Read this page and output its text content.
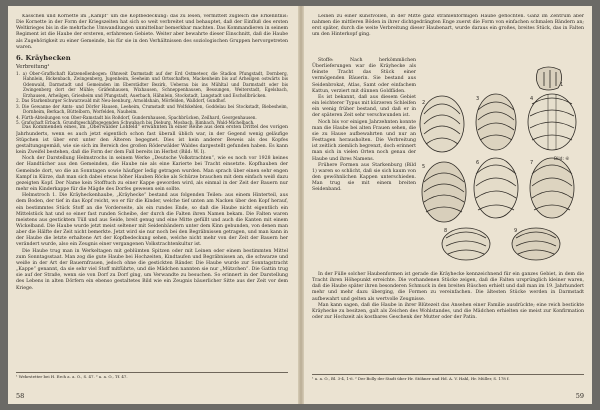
Kasschen und Kornette im „Kampf“ um die Kopfbedeckung: das zu lesen, vermittelt zugleich die Erkenntnis: Die Kornette in der Form der Kriegszeiten hat sich so weit verbreitet und behauptet, daß der Einfluß des ersten Weltkrieges bis in die mehrfache Umwandlungen unmittelbar bemerkbar machten. Das Kommandieren in seinem Regiment ist die Haube der ersteren, erfahrenen Gebiete. Weiter aber bewahrte dieser Einschnitt, daß die Haube als Zugehörigkeit zu einer Gemeinde, bis für sie in den Verhältnissen des soziologischen Gruppen hervorgetreten waren.

6. Kräyhecken
Verbreitung¹

1. a) Ober-Graffschaft Katzenellenbogen: Ohnweit Darmstadt auf der Erd Ostmeteor, die Stadion Pfungstadt, Dornberg, Hahnlein, Bickenbach, Zwingenberg, Jugenheim, Seeheim und Ortsschaften, Mackenheim bis auf Arheilgen ostwärts bis Odenwald, Darmstadt und Gemeinden im Eberstädter Bezirk, Ueberau bis ins Mühltal und Darmstadt oder bis Zwingenberg dort der Mühle; Gräfenhausen, Wixhausen, Schneppenhausen, Bessungen, Weiterstadt, Egelsbach, Erzhausen, Arheilgen, Griesheim und Pfungstadt, Auerbach, Hähnlein, Stockstadt, Langstadt und Eschollbrücken.

2. Das Starkenburger Schwarzwald mit Neu-Isenburg, Arnoldshain, Mörfelden, Walldorf, Gundhof.

3. Die Gewanne der Amts- und Dörfer Hausen, Leeheim, Crumstadt und Wolfskehlen, Goddelau bei Stockstadt, Biebesheim, Dornheim, Berkach, Büttelborn, Worfelden, Nauheim.

4. Fürth-Abteilungen von Ober-Ramstadt bis Roßdorf, Gundernhausen, Spachbrücken, Zeilhard, Georgenhausen.

5. Grafschaft Erbach, Grundtgeschäftsgegenden Schwabach bis Dieburg, Mosbach, Rimbach, Wald-Michelbach.

Das Kommenden eines, im „Oberwälder Lohfeld“ erwähnten in einer Reihe aus dem ersten Drittel des vorigen Jahrhunderts, wenn es auch jetzt eigentlich schon fast überall üblich war, in der Gegend wenig geläufige Stüpchen ist über erst unter den Älteren begegnet. Dies ist kein anderer Beweis als des Kopfes gestaltungsgemäß, wie sie sich im Bereich des großen Röderwälder Waldes dargestellt gefunden haben. Es kann kein Zweifel bestehen, daß die Form der dem Fall bereits im Herbst (Bild: W. I).

Noch der Darstellung Helmstrochs in seinem Werke „Deutsche Volkstrachten“, wie es noch vor 1928 keines der Handtücher aus den Gemeinden, die Haube nie als eine Karierte bei Tracht einsetzte. Kopfhauben der Gemeinde dort, wo die an Sonntagen sowie häufiger ledig getragen wurden. Man sprach über einen sehr engen Kampf in Kürze, daß man sich dabei etwas höher Hauben Röcke als Schürze brauchen mit dem einfach weiß dazu gezeigten Kopf. Der Name kein Stofftuch zu einer Kappe geworden wird, als einmal in der Zeit der Bauern nur mehr ein Kinderkappe für die Mägde des Dorfes gewesen sein sollte.

Helmstroch 1. Die Kräyheckenhaube, „Kräyhecke“ bestand aus folgenden Teilen: aus einem Hinterteil, aus dem Boden, der tief in das Kopf reicht, wo er für die Kinder, welche tief unten am Nacken über den Kopf herauf, ein bestimmtes Stück Stoff an die Vorderseite, als ein rundes Ende, so daß die Haube nicht eigentlich ein Mittelstück hat und so einer fast runden Scheibe, der durch die Falten ihren Namen bekam. Die Falten waren meistens aus gesticktem Tüll und aus Seide, breit genug und eine Mitte gefüllt und auch die Kanten mit einem Wickelband. Die Haube wurde jetzt meist seltener mit Seidenbändern unter dem Kinn gebunden, von denen man aber die Hälfte der Zeit nicht bemerkte. Jetzt wird sie nur noch bei den Begräbnissen getragen, und man kann in der Haube die letzte erhaltene Art der Kopfbedeckung sehen, welche nicht mehr von der Zeit der Bauern her verändert wurde, also ein Zeugnis einer vergangenen Volkstrachtenkultur ist.

Die Haube trug man in Werkeltagen mit geblümten Spitzen oder mit Leinen oder einem bestimmten Mittel zum Sonntagsstaat. Man zog die gute Haube bei Hochzeiten, Kindtaufen und Begräbnissen an, die schwarze und weiße in der Art der Bauernfrauen, jedoch ohne die gestickten Ränder. Die Haube wurde zur Sonntagstracht „Kappe“ genannt, da sie sehr viel Stoff mitführte, und die Mädchen nannten sie nur „Mützchen“. Die Gattin trug sie auf der Straße, wenn sie von Dorf zu Dorf ging, um Verwandte zu besuchen. So erinnert in der Darstellung des Lebens in alten Dörfern ein ebenso gestaltetes Bild wie ein Zeugnis bäuerlicher Sitte aus der Zeit vor dem Kriege.

¹ Wehrstetter bei H. Erch a. a. O., S. 47. ² a. a. O., Tf. 47.
58

Leinen zu einer kunstvollen, in der Mitte ganz strahlenförmigen Haube geflochten. Ganz im Zentrum aber nahmen die mittleren Böden in ihrer dichtgedrängten Enge zuerst die Form von einfachen schmalen Bändern an; erst später, durch die weite Verbreitung dieser Haubenart, wurde daraus ein großes, breites Stück, das in Falten um den Hinterkopf ging.

Stoffe: Nach herkömmlichen Überlieferungen war die Kräyhecke als feinste Tracht das Stück einer vermögenden Bäuerin. Sie bestand aus Seidenbrokat, Atlas, Samt oder einfachem Kattun, verziert mit dünnen Goldfäden.

Es ist bekannt, daß aus diesem Gebiet ein leichterer Typus mit kürzeren Schleifen ein wenig früher bestand, und daß er in der späteren Zeit sehr verschwunden ist.

Noch bis vor einigen Jahrzehnten konnte man die Haube bei alten Frauen sehen, die sie zu Hause aufbewahrten und nur an Festtagen herausholten. Die Verbreitung ist zeitlich ziemlich begrenzt, doch erinnert man sich in vielen Orten noch genau der Haube und ihres Namens.

Frühere Formen aus Starkenburg (Bild 1) waren so schlicht, daß sie sich kaum von den gewöhnlichen Kappen unterschieden. Man trug sie mit einem breiten Seidenband.

1
2
3	4
5
6	7
8	9
Bild: ⑥

In der Fülle solcher Haubenformen ist gerade die Kräyhecke kennzeichnend für ein ganzes Gebiet, in dem die Tracht ihren Höhepunkt erreichte. Die vorhandenen Stücke zeigen, daß die Falten ursprünglich kleiner waren, daß die Haube später ihren besonderen Schmuck in den breiten Rüschen erhielt und daß man im 19. Jahrhundert mehr und mehr dazu überging, die Formen zu vereinfachen. Die ältesten Stücke werden in Darmstadt aufbewahrt und gelten als wertvolle Zeugnisse.

Man kann sagen, daß die Haube in ihrer Blütezeit das Ansehen einer Familie ausdrückte; eine reich bestickte Kräyhecke zu besitzen, galt als Zeichen des Wohlstandes, und die Mädchen erhielten sie meist zur Konfirmation oder zur Hochzeit als kostbares Geschenk der Mutter oder der Patin.

¹ a. a. O., Bl. 3-4, 1-6. ² Der Bolly der Stadt über Hr. Stöhner und Hd. A. V. Hahl, Hr. Müller, S. 178 f.
59
